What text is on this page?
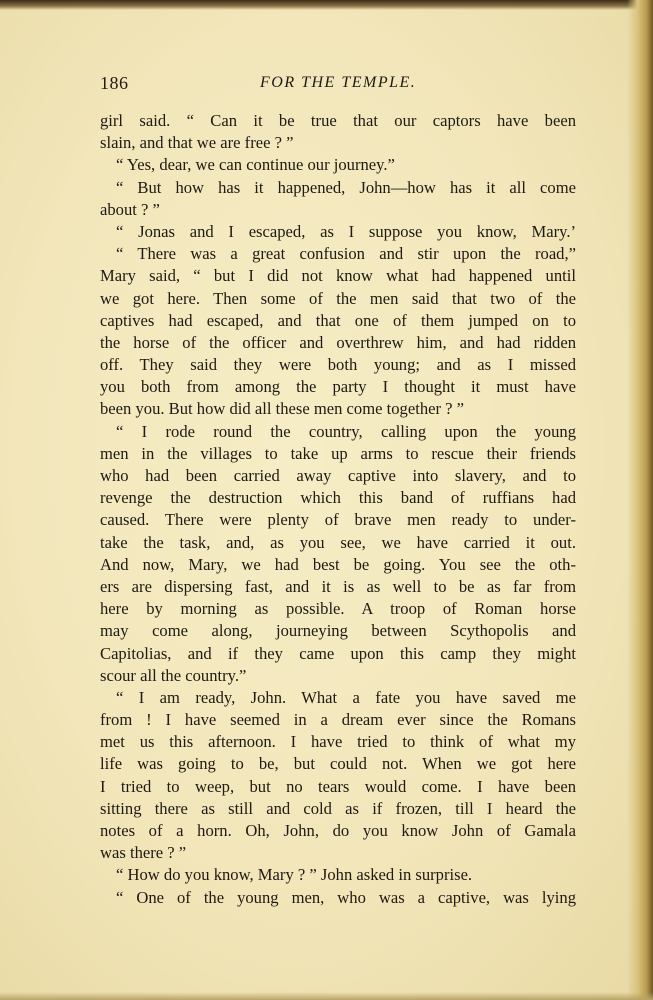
186	FOR THE TEMPLE.
girl said. “ Can it be true that our captors have been
slain, and that we are free ? ”
“ Yes, dear, we can continue our journey.”
“ But how has it happened, John—how has it all come
about ? ”
“ Jonas and I escaped, as I suppose you know, Mary.’
“ There was a great confusion and stir upon the road,”
Mary said, “ but I did not know what had happened until
we got here. Then some of the men said that two of the
captives had escaped, and that one of them jumped on to
the horse of the officer and overthrew him, and had ridden
off. They said they were both young; and as I missed
you both from among the party I thought it must have
been you. But how did all these men come together ? ”
“ I rode round the country, calling upon the young
men in the villages to take up arms to rescue their friends
who had been carried away captive into slavery, and to
revenge the destruction which this band of ruffians had
caused. There were plenty of brave men ready to under-
take the task, and, as you see, we have carried it out.
And now, Mary, we had best be going. You see the oth-
ers are dispersing fast, and it is as well to be as far from
here by morning as possible. A troop of Roman horse
may come along, journeying between Scythopolis and
Capitolias, and if they came upon this camp they might
scour all the country.”
“ I am ready, John. What a fate you have saved me
from ! I have seemed in a dream ever since the Romans
met us this afternoon. I have tried to think of what my
life was going to be, but could not. When we got here
I tried to weep, but no tears would come. I have been
sitting there as still and cold as if frozen, till I heard the
notes of a horn. Oh, John, do you know John of Gamala
was there ? ”
“ How do you know, Mary ? ” John asked in surprise.
“ One of the young men, who was a captive, was lying
